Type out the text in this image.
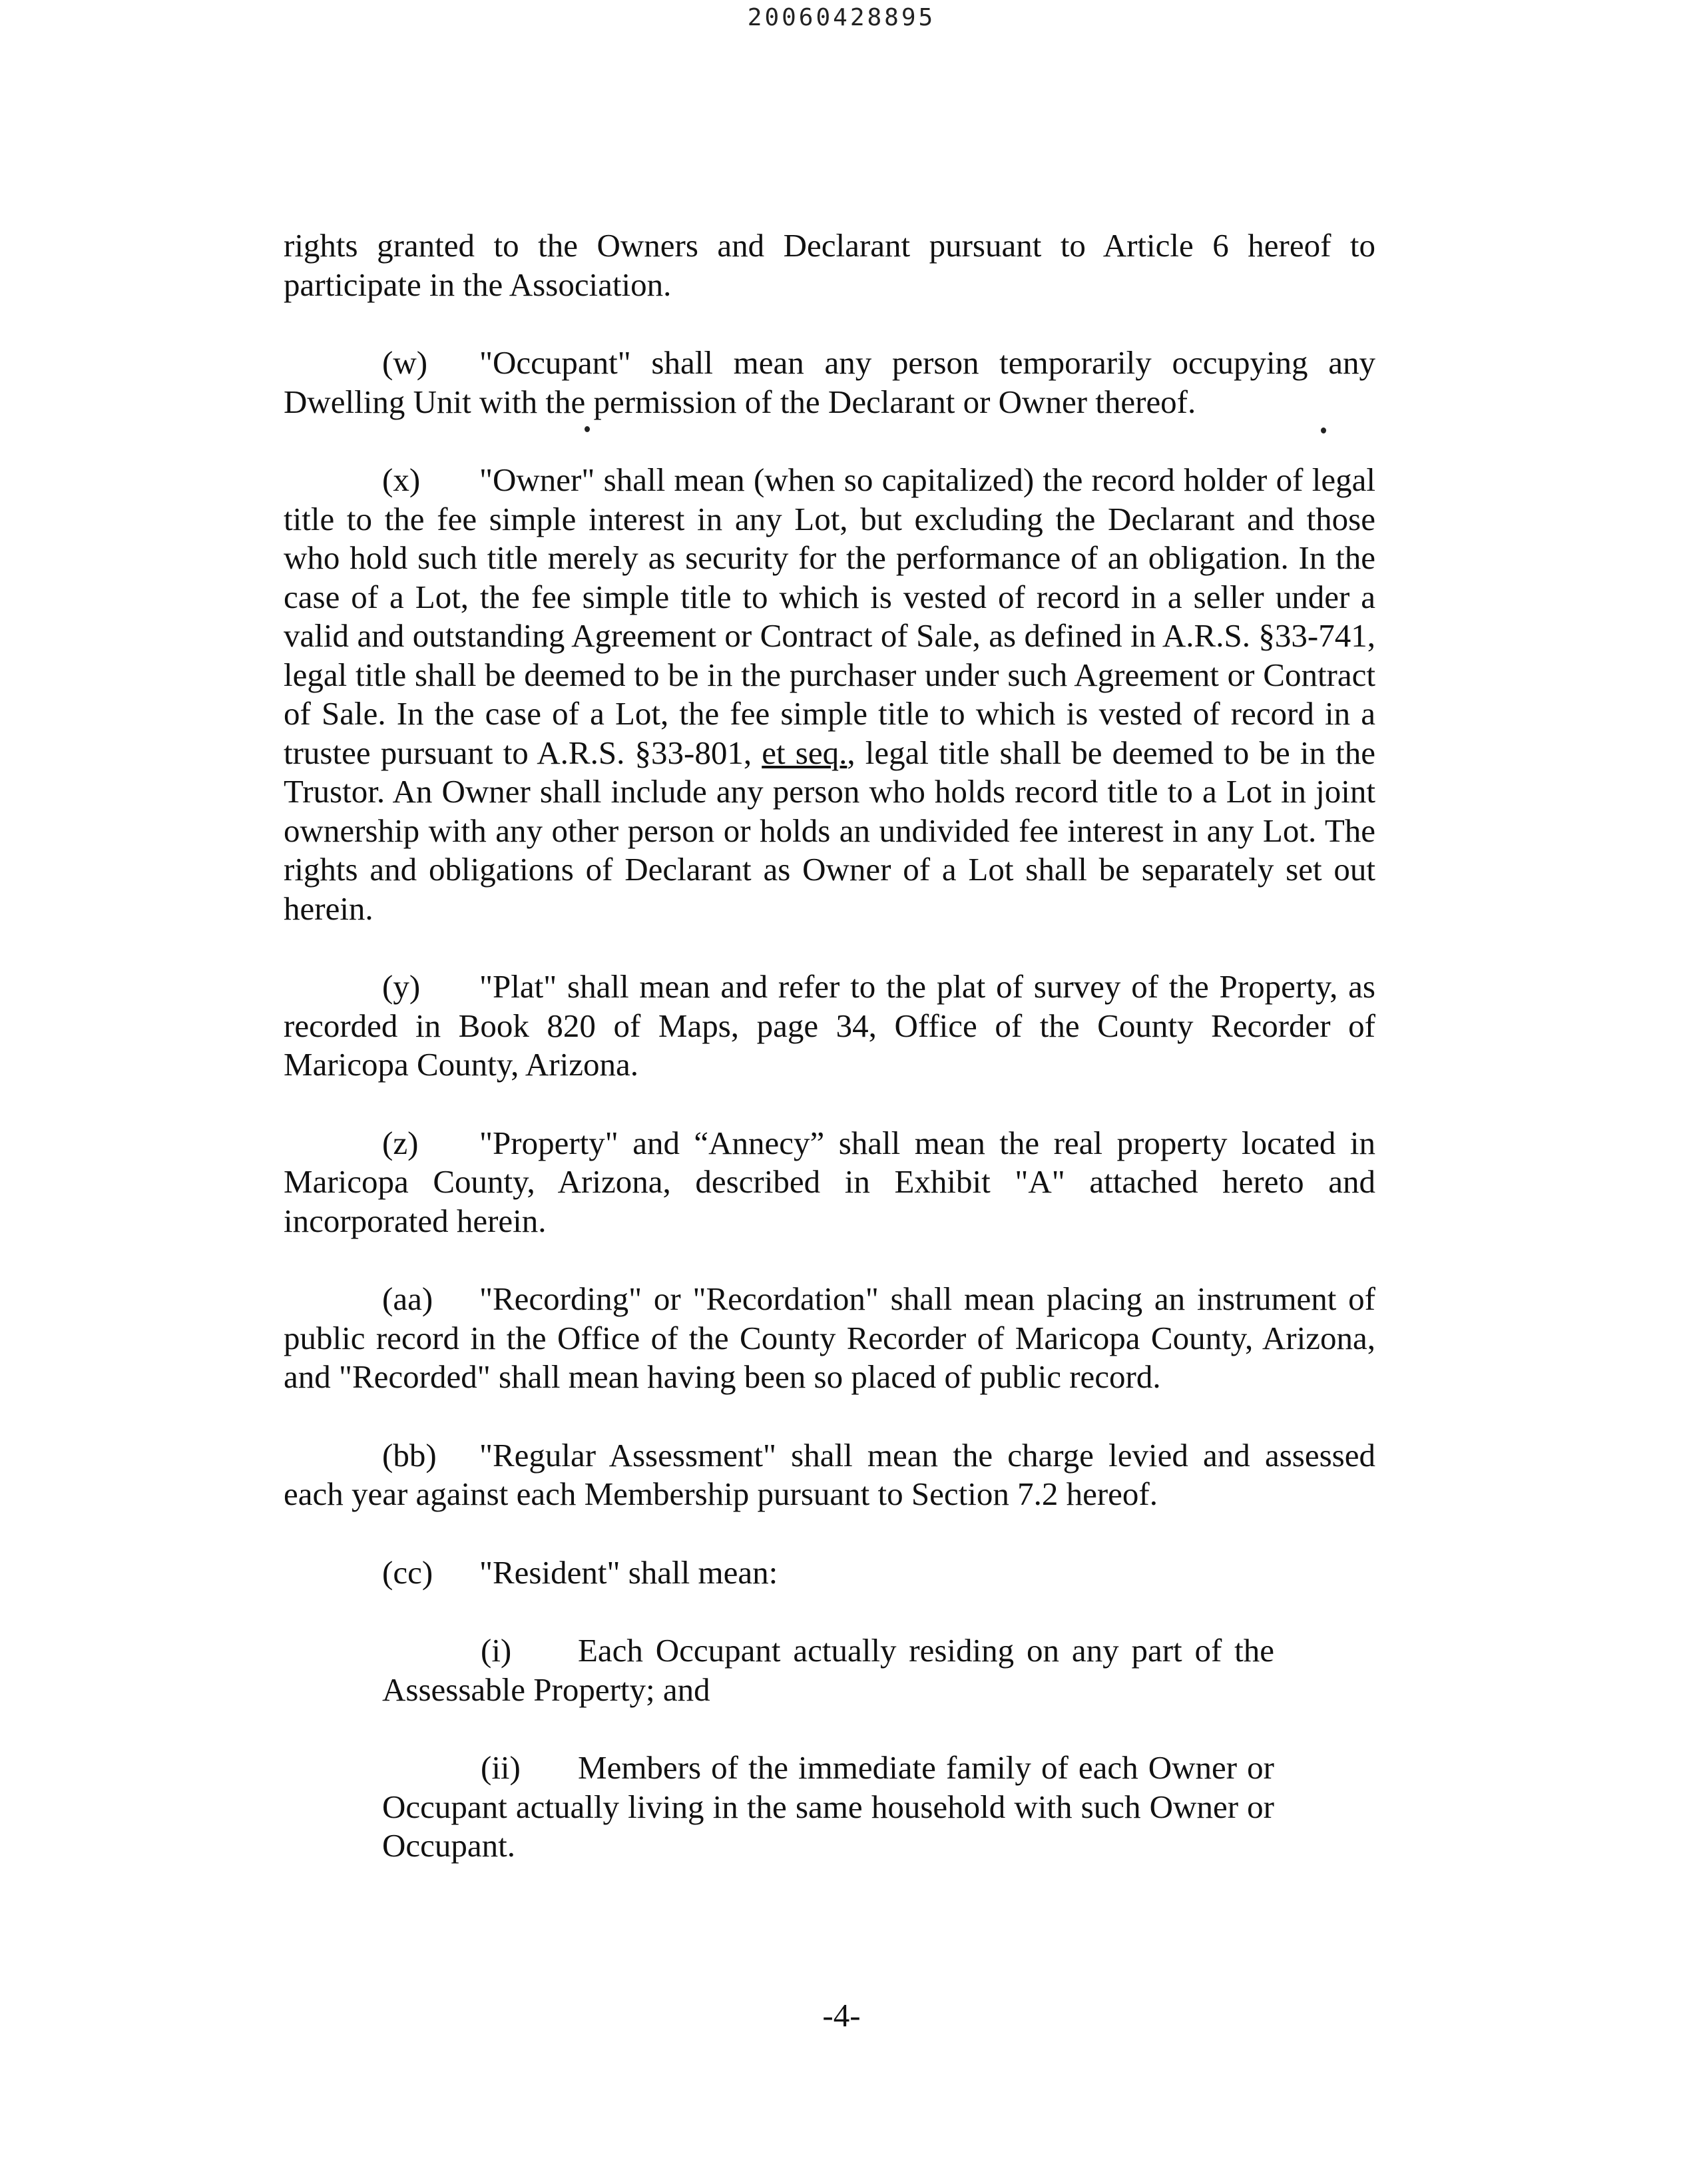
20060428895

rights granted to the Owners and Declarant pursuant to Article 6 hereof to participate in the Association.

(w) "Occupant" shall mean any person temporarily occupying any Dwelling Unit with the permission of the Declarant or Owner thereof.

(x) "Owner" shall mean (when so capitalized) the record holder of legal title to the fee simple interest in any Lot, but excluding the Declarant and those who hold such title merely as security for the performance of an obligation. In the case of a Lot, the fee simple title to which is vested of record in a seller under a valid and outstanding Agreement or Contract of Sale, as defined in A.R.S. §33-741, legal title shall be deemed to be in the purchaser under such Agreement or Contract of Sale. In the case of a Lot, the fee simple title to which is vested of record in a trustee pursuant to A.R.S. §33-801, et seq., legal title shall be deemed to be in the Trustor. An Owner shall include any person who holds record title to a Lot in joint ownership with any other person or holds an undivided fee interest in any Lot. The rights and obligations of Declarant as Owner of a Lot shall be separately set out herein.

(y) "Plat" shall mean and refer to the plat of survey of the Property, as recorded in Book 820 of Maps, page 34, Office of the County Recorder of Maricopa County, Arizona.

(z) "Property" and “Annecy” shall mean the real property located in Maricopa County, Arizona, described in Exhibit "A" attached hereto and incorporated herein.

(aa) "Recording" or "Recordation" shall mean placing an instrument of public record in the Office of the County Recorder of Maricopa County, Arizona, and "Recorded" shall mean having been so placed of public record.

(bb) "Regular Assessment" shall mean the charge levied and assessed each year against each Membership pursuant to Section 7.2 hereof.

(cc) "Resident" shall mean:

(i) Each Occupant actually residing on any part of the Assessable Property; and

(ii) Members of the immediate family of each Owner or Occupant actually living in the same household with such Owner or Occupant.

-4-
